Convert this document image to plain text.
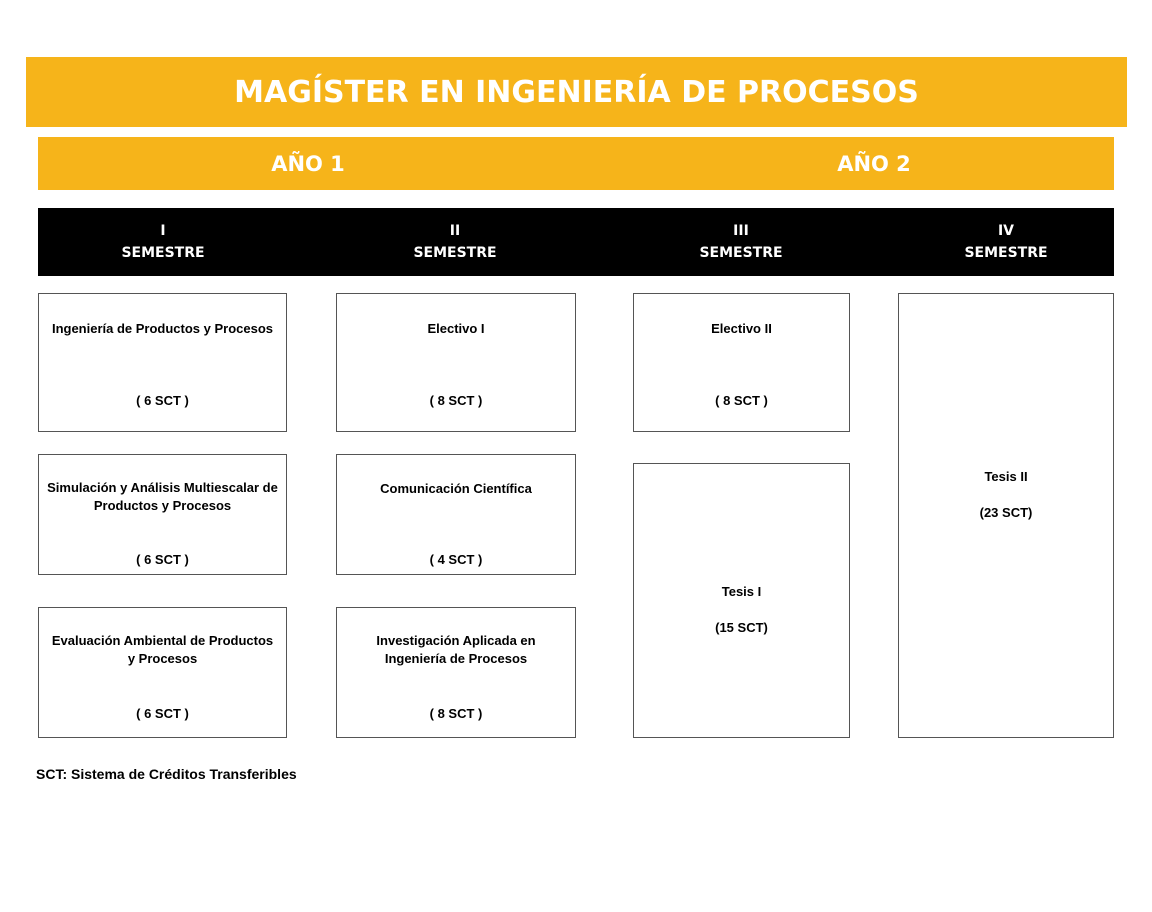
MAGÍSTER EN INGENIERÍA DE PROCESOS
AÑO 1	AÑO 2
I
SEMESTRE
II
SEMESTRE
III
SEMESTRE
IV
SEMESTRE
Ingeniería de Productos y Procesos
( 6 SCT )
Simulación y Análisis Multiescalar de Productos y Procesos
( 6 SCT )
Evaluación Ambiental de Productos y Procesos
( 6 SCT )
Electivo I
( 8 SCT )
Comunicación Científica
( 4 SCT )
Investigación Aplicada en Ingeniería de Procesos
( 8 SCT )
Electivo II
( 8 SCT )
Tesis I
(15 SCT)
Tesis II
(23 SCT)
SCT: Sistema de Créditos Transferibles
